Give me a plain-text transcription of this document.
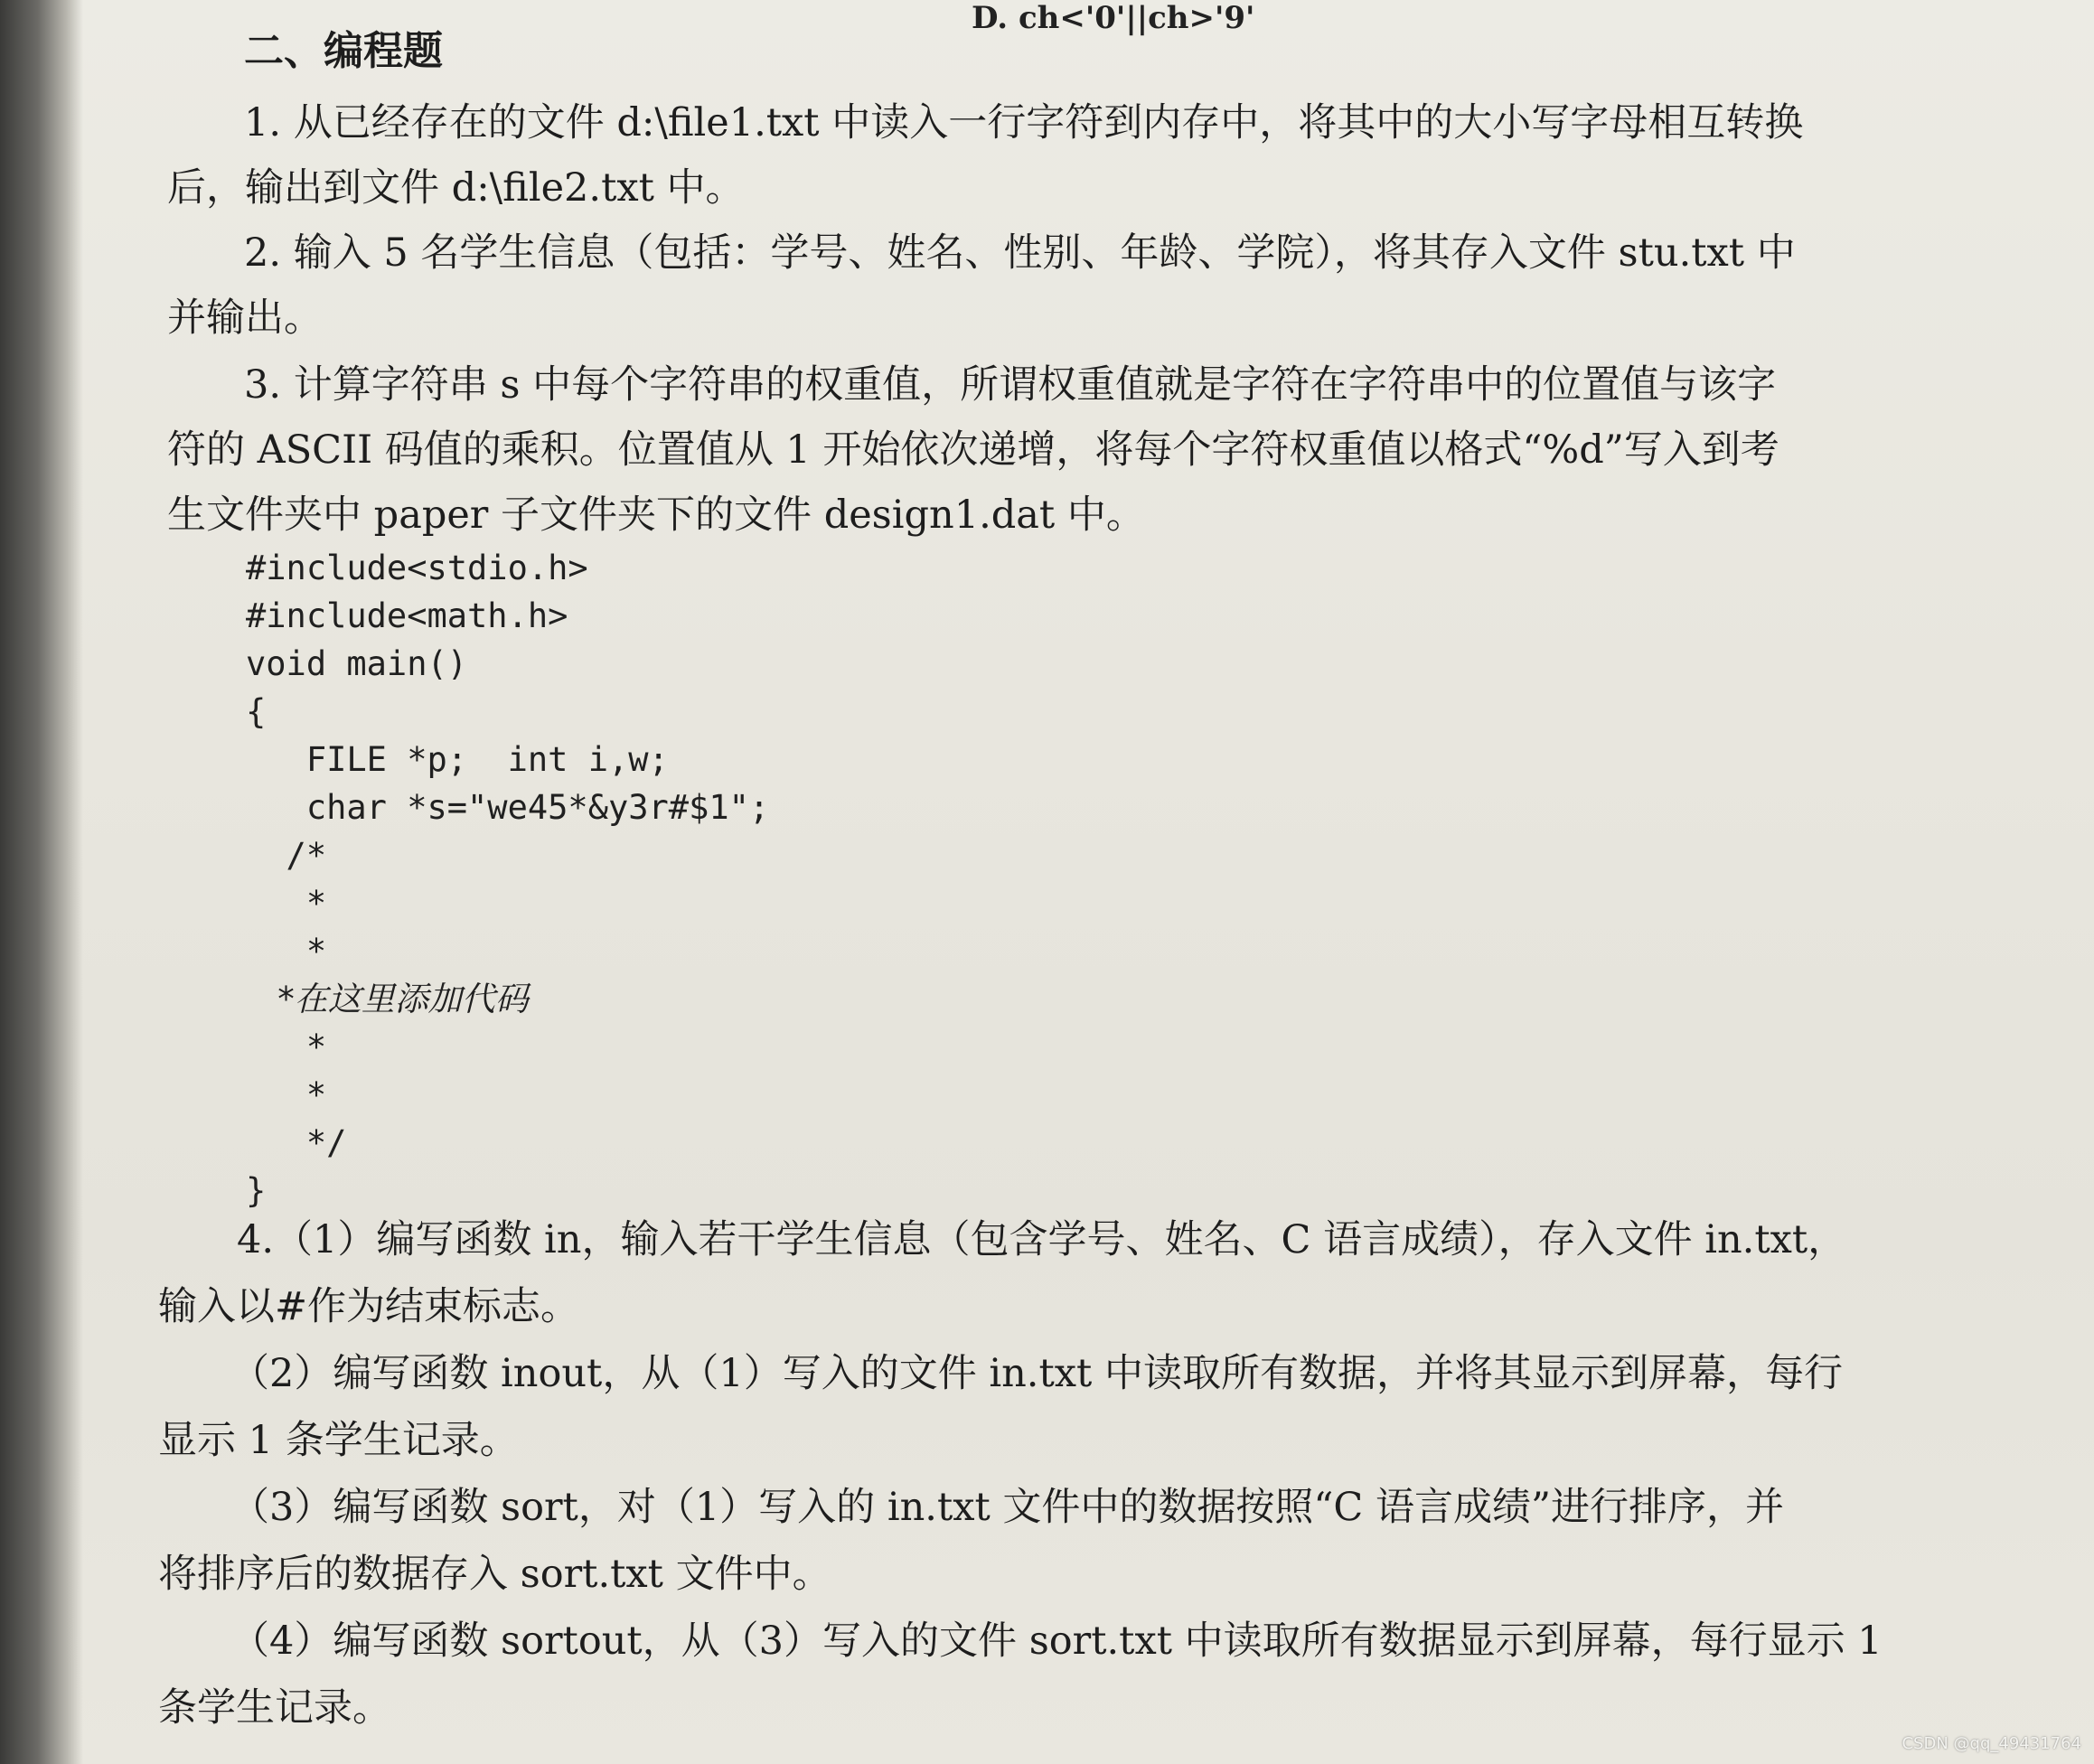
D. ch<'0'||ch>'9'
二、编程题
1. 从已经存在的文件 d:\file1.txt 中读入一行字符到内存中，将其中的大小写字母相互转换
后，输出到文件 d:\file2.txt 中。
2. 输入 5 名学生信息（包括：学号、姓名、性别、年龄、学院），将其存入文件 stu.txt 中
并输出。
3. 计算字符串 s 中每个字符串的权重值，所谓权重值就是字符在字符串中的位置值与该字
符的 ASCII 码值的乘积。位置值从 1 开始依次递增，将每个字符权重值以格式“%d”写入到考
生文件夹中 paper 子文件夹下的文件 design1.dat 中。
#include<stdio.h>
#include<math.h>
void main()
{
FILE *p;  int i,w;
char *s="we45*&y3r#$1";
/*
*
*
*在这里添加代码
*
*
*/
}
4.（1）编写函数 in，输入若干学生信息（包含学号、姓名、C 语言成绩），存入文件 in.txt，
输入以#作为结束标志。
（2）编写函数 inout，从（1）写入的文件 in.txt 中读取所有数据，并将其显示到屏幕，每行
显示 1 条学生记录。
（3）编写函数 sort，对（1）写入的 in.txt 文件中的数据按照“C 语言成绩”进行排序，并
将排序后的数据存入 sort.txt 文件中。
（4）编写函数 sortout，从（3）写入的文件 sort.txt 中读取所有数据显示到屏幕，每行显示 1
条学生记录。
CSDN @qq_49431764
